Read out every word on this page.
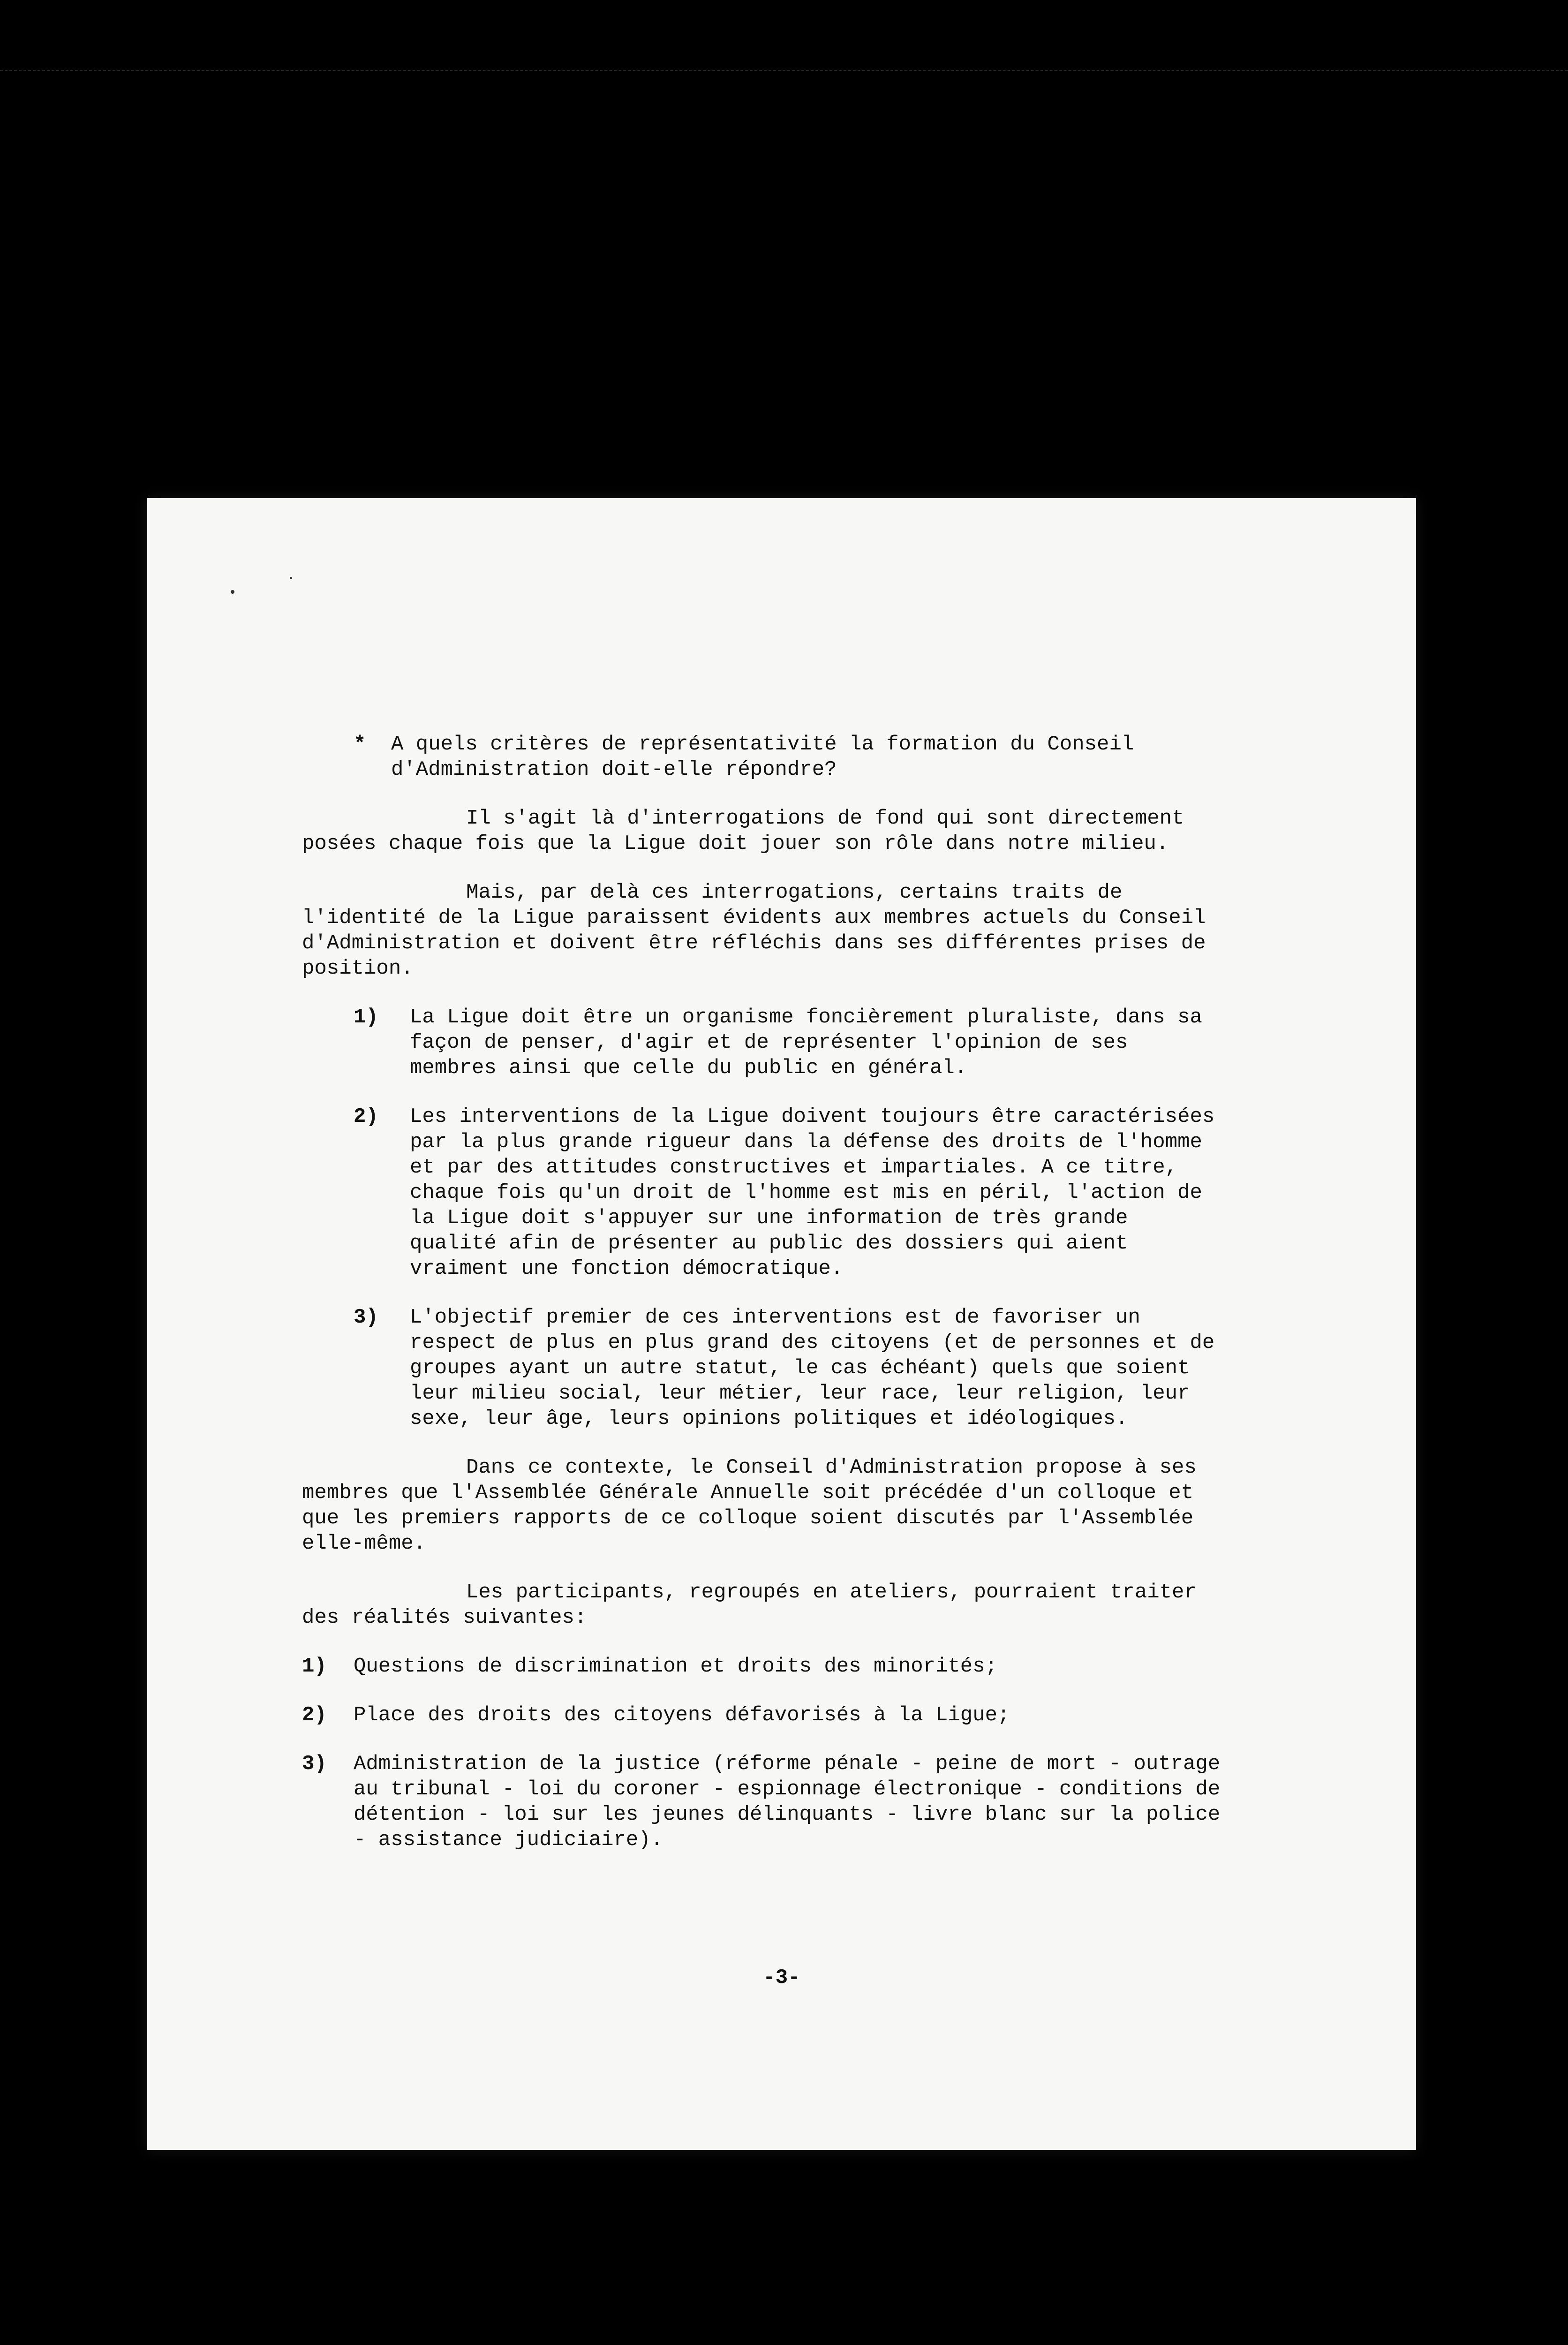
*	A quels critères de représentativité la formation du Conseil d'Administration doit-elle répondre?

Il s'agit là d'interrogations de fond qui sont directement posées chaque fois que la Ligue doit jouer son rôle dans notre milieu.

Mais, par delà ces interrogations, certains traits de l'identité de la Ligue paraissent évidents aux membres actuels du Conseil d'Administration et doivent être réfléchis dans ses différentes prises de position.

1)	La Ligue doit être un organisme foncièrement pluraliste, dans sa façon de penser, d'agir et de représenter l'opinion de ses membres ainsi que celle du public en général.

2)	Les interventions de la Ligue doivent toujours être caractérisées par la plus grande rigueur dans la défense des droits de l'homme et par des attitudes constructives et impartiales. A ce titre, chaque fois qu'un droit de l'homme est mis en péril, l'action de la Ligue doit s'appuyer sur une information de très grande qualité afin de présenter au public des dossiers qui aient vraiment une fonction démocratique.

3)	L'objectif premier de ces interventions est de favoriser un respect de plus en plus grand des citoyens (et de personnes et de groupes ayant un autre statut, le cas échéant) quels que soient leur milieu social, leur métier, leur race, leur religion, leur sexe, leur âge, leurs opinions politiques et idéologiques.

Dans ce contexte, le Conseil d'Administration propose à ses membres que l'Assemblée Générale Annuelle soit précédée d'un colloque et que les premiers rapports de ce colloque soient discutés par l'Assemblée elle-même.

Les participants, regroupés en ateliers, pourraient traiter des réalités suivantes:

1)	Questions de discrimination et droits des minorités;

2)	Place des droits des citoyens défavorisés à la Ligue;

3)	Administration de la justice (réforme pénale - peine de mort - outrage au tribunal - loi du coroner - espionnage électronique - conditions de détention - loi sur les jeunes délinquants - livre blanc sur la police - assistance judiciaire).

-3-
